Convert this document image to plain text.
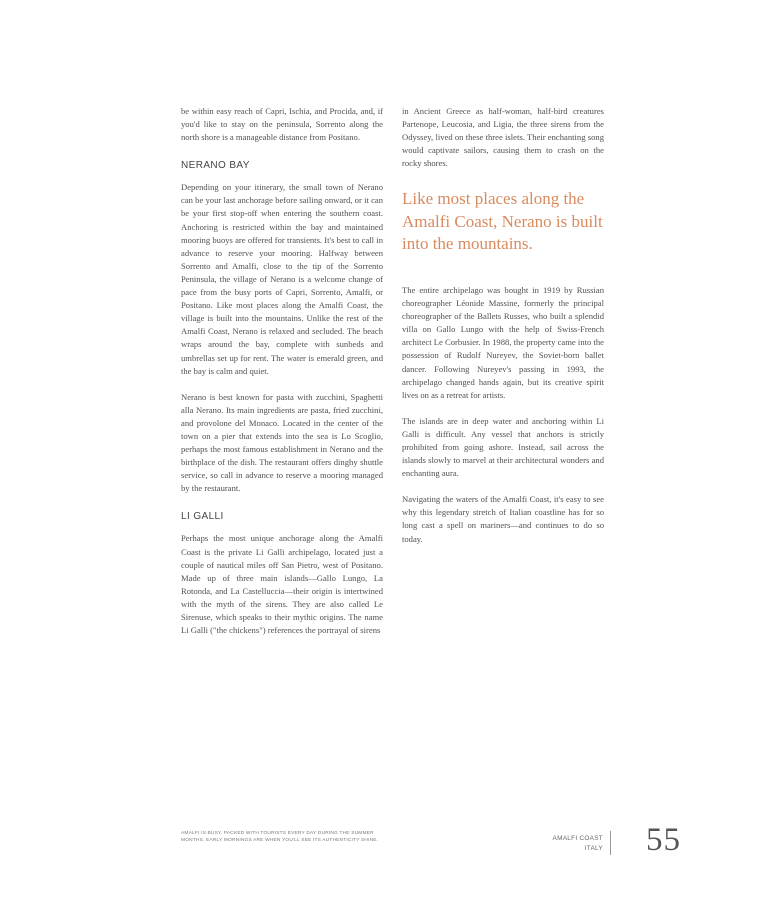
be within easy reach of Capri, Ischia, and Procida, and, if you'd like to stay on the peninsula, Sorrento along the north shore is a manageable distance from Positano.

NERANO BAY

Depending on your itinerary, the small town of Nerano can be your last anchorage before sailing onward, or it can be your first stop-off when entering the southern coast. Anchoring is restricted within the bay and maintained mooring buoys are offered for transients. It's best to call in advance to reserve your mooring. Halfway between Sorrento and Amalfi, close to the tip of the Sorrento Peninsula, the village of Nerano is a welcome change of pace from the busy ports of Capri, Sorrento, Amalfi, or Positano. Like most places along the Amalfi Coast, the village is built into the mountains. Unlike the rest of the Amalfi Coast, Nerano is relaxed and secluded. The beach wraps around the bay, complete with sunbeds and umbrellas set up for rent. The water is emerald green, and the bay is calm and quiet.

Nerano is best known for pasta with zucchini, Spaghetti alla Nerano. Its main ingredients are pasta, fried zucchini, and provolone del Monaco. Located in the center of the town on a pier that extends into the sea is Lo Scoglio, perhaps the most famous establishment in Nerano and the birthplace of the dish. The restaurant offers dinghy shuttle service, so call in advance to reserve a mooring managed by the restaurant.

LI GALLI

Perhaps the most unique anchorage along the Amalfi Coast is the private Li Galli archipelago, located just a couple of nautical miles off San Pietro, west of Positano. Made up of three main islands—Gallo Lungo, La Rotonda, and La Castelluccia—their origin is intertwined with the myth of the sirens. They are also called Le Sirenuse, which speaks to their mythic origins. The name Li Galli ("the chickens") references the portrayal of sirens

in Ancient Greece as half-woman, half-bird creatures Partenope, Leucosia, and Ligia, the three sirens from the Odyssey, lived on these three islets. Their enchanting song would captivate sailors, causing them to crash on the rocky shores.

Like most places along the Amalfi Coast, Nerano is built into the mountains.

The entire archipelago was bought in 1919 by Russian choreographer Léonide Massine, formerly the principal choreographer of the Ballets Russes, who built a splendid villa on Gallo Lungo with the help of Swiss-French architect Le Corbusier. In 1988, the property came into the possession of Rudolf Nureyev, the Soviet-born ballet dancer. Following Nureyev's passing in 1993, the archipelago changed hands again, but its creative spirit lives on as a retreat for artists.

The islands are in deep water and anchoring within Li Galli is difficult. Any vessel that anchors is strictly prohibited from going ashore. Instead, sail across the islands slowly to marvel at their architectural wonders and enchanting aura.

Navigating the waters of the Amalfi Coast, it's easy to see why this legendary stretch of Italian coastline has for so long cast a spell on mariners—and continues to do so today.

AMALFI IS BUSY, PACKED WITH TOURISTS EVERY DAY DURING THE SUMMER MONTHS. EARLY MORNINGS ARE WHEN YOU'LL SEE ITS AUTHENTICITY SHINE.	AMALFI COAST
ITALY 55
